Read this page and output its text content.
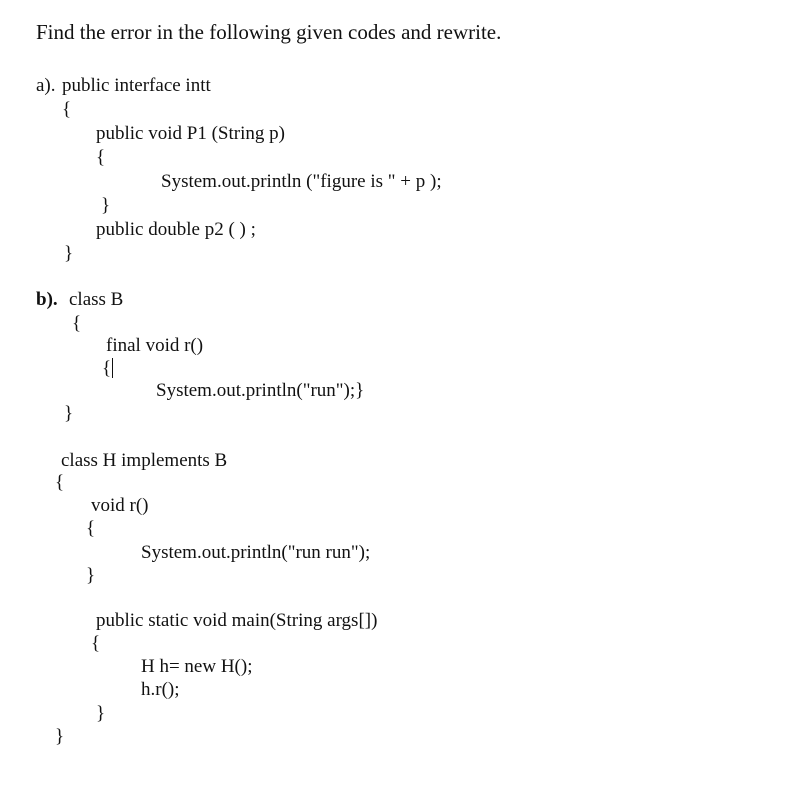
Find the error in the following given codes and rewrite.
a). public interface intt
{
public void P1 (String p)
{
System.out.println ("figure is " + p );
}
public double p2 ( ) ;
}
b). class B
{
final void r()
{
System.out.println("run");}
}
class H implements B
{
void r()
{
System.out.println("run run");
}
public static void main(String args[])
{
H h= new H();
h.r();
}
}
